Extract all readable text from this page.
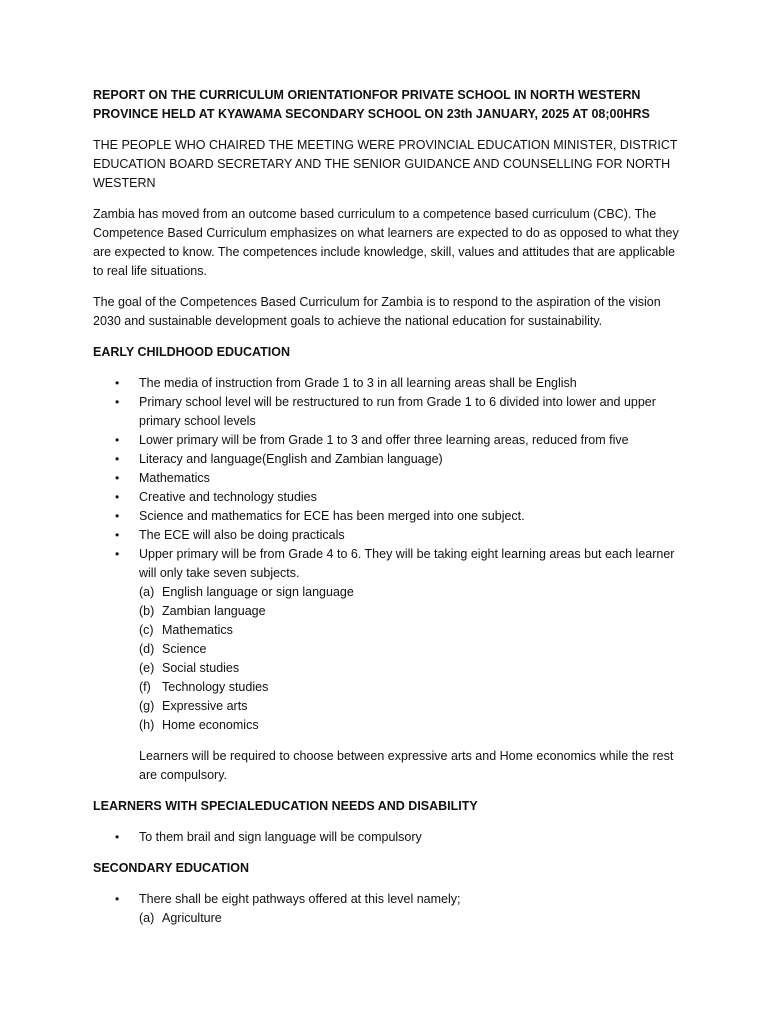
REPORT ON THE CURRICULUM ORIENTATIONFOR PRIVATE SCHOOL IN NORTH WESTERN PROVINCE HELD AT KYAWAMA SECONDARY SCHOOL ON 23th JANUARY, 2025 AT 08;00HRS

THE PEOPLE WHO CHAIRED THE MEETING WERE PROVINCIAL EDUCATION MINISTER, DISTRICT EDUCATION BOARD SECRETARY AND THE SENIOR GUIDANCE AND COUNSELLING FOR NORTH WESTERN

Zambia has moved from an outcome based curriculum to a competence based curriculum (CBC). The Competence Based Curriculum emphasizes on what learners are expected to do as opposed to what they are expected to know. The competences include knowledge, skill, values and attitudes that are applicable to real life situations.

The goal of the Competences Based Curriculum for Zambia is to respond to the aspiration of the vision 2030 and sustainable development goals to achieve the national education for sustainability.

EARLY CHILDHOOD EDUCATION
• The media of instruction from Grade 1 to 3 in all learning areas shall be English
• Primary school level will be restructured to run from Grade 1 to 6 divided into lower and upper primary school levels
• Lower primary will be from Grade 1 to 3 and offer three learning areas, reduced from five
• Literacy and language(English and Zambian language)
• Mathematics
• Creative and technology studies
• Science and mathematics for ECE has been merged into one subject.
• The ECE will also be doing practicals
• Upper primary will be from Grade 4 to 6. They will be taking eight learning areas but each learner will only take seven subjects.
(a) English language or sign language
(b) Zambian language
(c) Mathematics
(d) Science
(e) Social studies
(f) Technology studies
(g) Expressive arts
(h) Home economics

Learners will be required to choose between expressive arts and Home economics while the rest are compulsory.

LEARNERS WITH SPECIALEDUCATION NEEDS AND DISABILITY
• To them brail and sign language will be compulsory
SECONDARY EDUCATION
• There shall be eight pathways offered at this level namely;
(a) Agriculture
